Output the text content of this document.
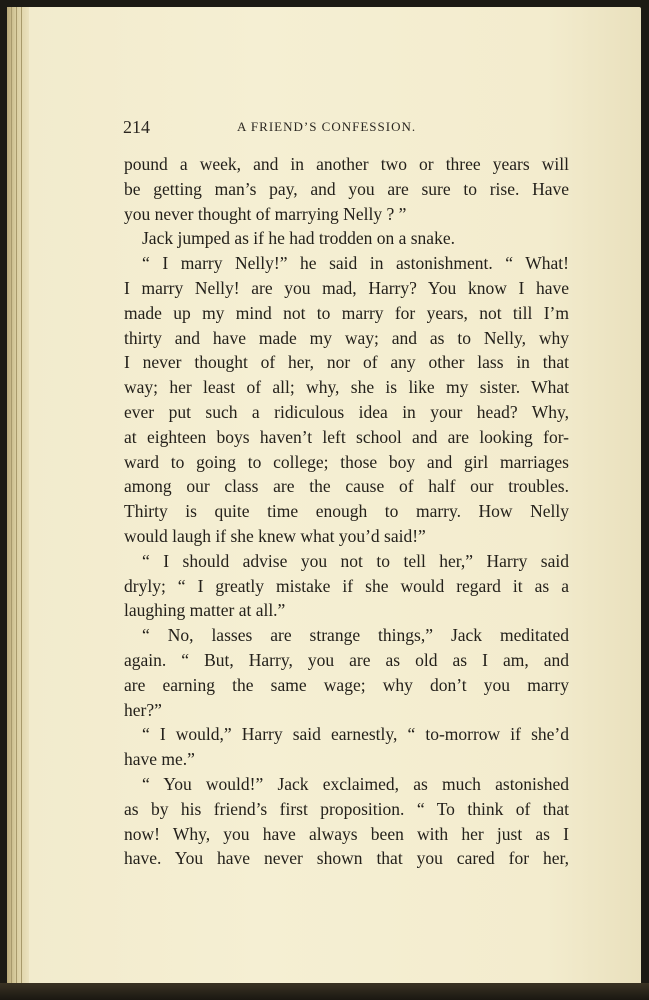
214	A FRIEND’S CONFESSION.
pound a week, and in another two or three years will
be getting man’s pay, and you are sure to rise. Have
you never thought of marrying Nelly ? ”
Jack jumped as if he had trodden on a snake.
“ I marry Nelly!” he said in astonishment. “ What!
I marry Nelly! are you mad, Harry? You know I have
made up my mind not to marry for years, not till I’m
thirty and have made my way; and as to Nelly, why
I never thought of her, nor of any other lass in that
way; her least of all; why, she is like my sister. What
ever put such a ridiculous idea in your head? Why,
at eighteen boys haven’t left school and are looking for-
ward to going to college; those boy and girl marriages
among our class are the cause of half our troubles.
Thirty is quite time enough to marry. How Nelly
would laugh if she knew what you’d said!”
“ I should advise you not to tell her,” Harry said
dryly; “ I greatly mistake if she would regard it as a
laughing matter at all.”
“ No, lasses are strange things,” Jack meditated
again. “ But, Harry, you are as old as I am, and
are earning the same wage; why don’t you marry
her?”
“ I would,” Harry said earnestly, “ to-morrow if she’d
have me.”
“ You would!” Jack exclaimed, as much astonished
as by his friend’s first proposition. “ To think of that
now! Why, you have always been with her just as I
have. You have never shown that you cared for her,
